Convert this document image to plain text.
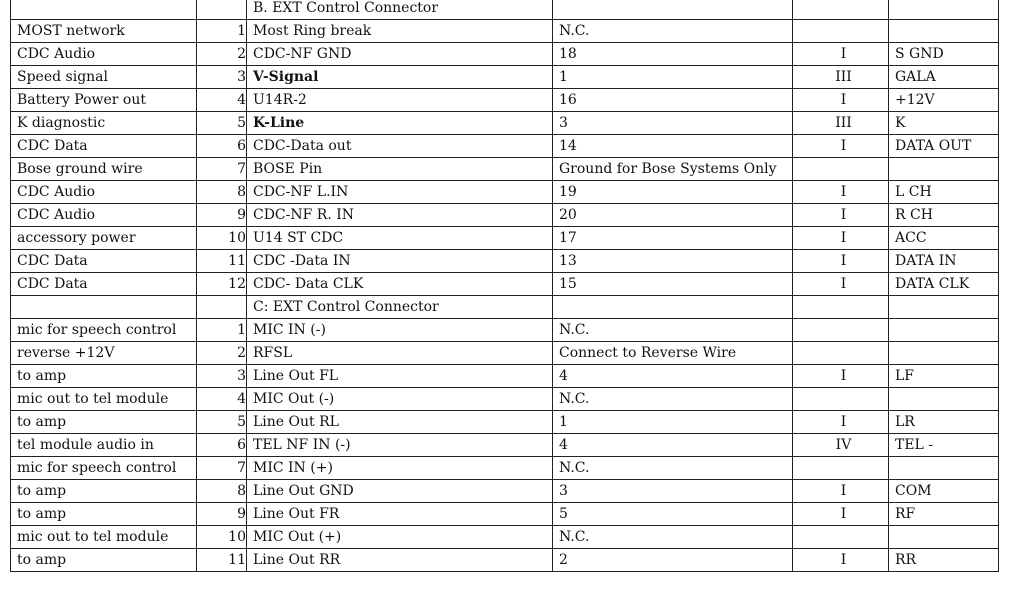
		B. EXT Control Connector			
MOST network	1	Most Ring break	N.C.		
CDC Audio	2	CDC-NF GND	18	I	S GND
Speed signal	3	V-Signal	1	III	GALA
Battery Power out	4	U14R-2	16	I	+12V
K diagnostic	5	K-Line	3	III	K
CDC Data	6	CDC-Data out	14	I	DATA OUT
Bose ground wire	7	BOSE Pin	Ground for Bose Systems Only		
CDC Audio	8	CDC-NF L.IN	19	I	L CH
CDC Audio	9	CDC-NF R. IN	20	I	R CH
accessory power	10	U14 ST CDC	17	I	ACC
CDC Data	11	CDC -Data IN	13	I	DATA IN
CDC Data	12	CDC- Data CLK	15	I	DATA CLK
		C: EXT Control Connector			
mic for speech control	1	MIC IN (-)	N.C.		
reverse +12V	2	RFSL	Connect to Reverse Wire		
to amp	3	Line Out FL	4	I	LF
mic out to tel module	4	MIC Out (-)	N.C.		
to amp	5	Line Out RL	1	I	LR
tel module audio in	6	TEL NF IN (-)	4	IV	TEL -
mic for speech control	7	MIC IN (+)	N.C.		
to amp	8	Line Out GND	3	I	COM
to amp	9	Line Out FR	5	I	RF
mic out to tel module	10	MIC Out (+)	N.C.		
to amp	11	Line Out RR	2	I	RR
